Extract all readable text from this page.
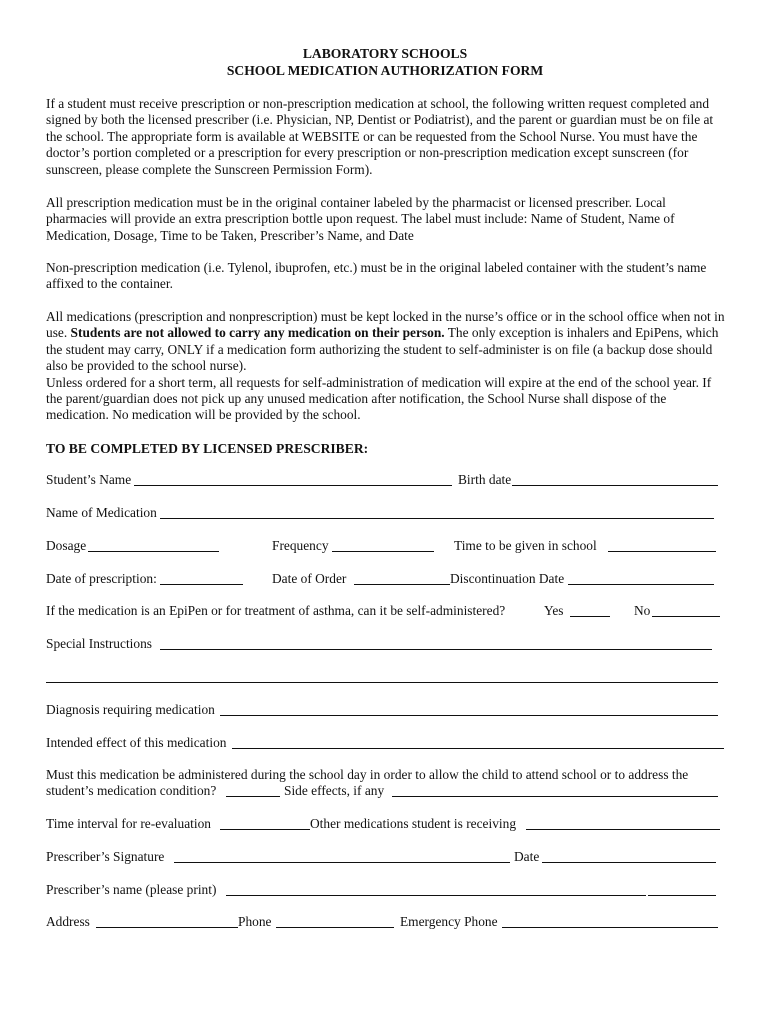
LABORATORY SCHOOLS
SCHOOL MEDICATION AUTHORIZATION FORM

If a student must receive prescription or non-prescription medication at school, the following written request completed and signed by both the licensed prescriber (i.e. Physician, NP, Dentist or Podiatrist), and the parent or guardian must be on file at the school. The appropriate form is available at WEBSITE or can be requested from the School Nurse. You must have the doctor’s portion completed or a prescription for every prescription or non-prescription medication except sunscreen (for sunscreen, please complete the Sunscreen Permission Form).

All prescription medication must be in the original container labeled by the pharmacist or licensed prescriber. Local pharmacies will provide an extra prescription bottle upon request. The label must include: Name of Student, Name of Medication, Dosage, Time to be Taken, Prescriber’s Name, and Date

Non-prescription medication (i.e. Tylenol, ibuprofen, etc.) must be in the original labeled container with the student’s name affixed to the container.

All medications (prescription and nonprescription) must be kept locked in the nurse’s office or in the school office when not in use. Students are not allowed to carry any medication on their person. The only exception is inhalers and EpiPens, which the student may carry, ONLY if a medication form authorizing the student to self-administer is on file (a backup dose should also be provided to the school nurse).

Unless ordered for a short term, all requests for self-administration of medication will expire at the end of the school year. If the parent/guardian does not pick up any unused medication after notification, the School Nurse shall dispose of the medication. No medication will be provided by the school.

TO BE COMPLETED BY LICENSED PRESCRIBER:
Student’s Name	Birth date
Name of Medication
Dosage	Frequency	Time to be given in school
Date of prescription:	Date of Order	Discontinuation Date
If the medication is an EpiPen or for treatment of asthma, can it be self-administered?	Yes	No
Special Instructions
Diagnosis requiring medication
Intended effect of this medication
Must this medication be administered during the school day in order to allow the child to attend school or to address the
student’s medication condition?	Side effects, if any
Time interval for re-evaluation	Other medications student is receiving
Prescriber’s Signature	Date
Prescriber’s name (please print)
Address	Phone	Emergency Phone
